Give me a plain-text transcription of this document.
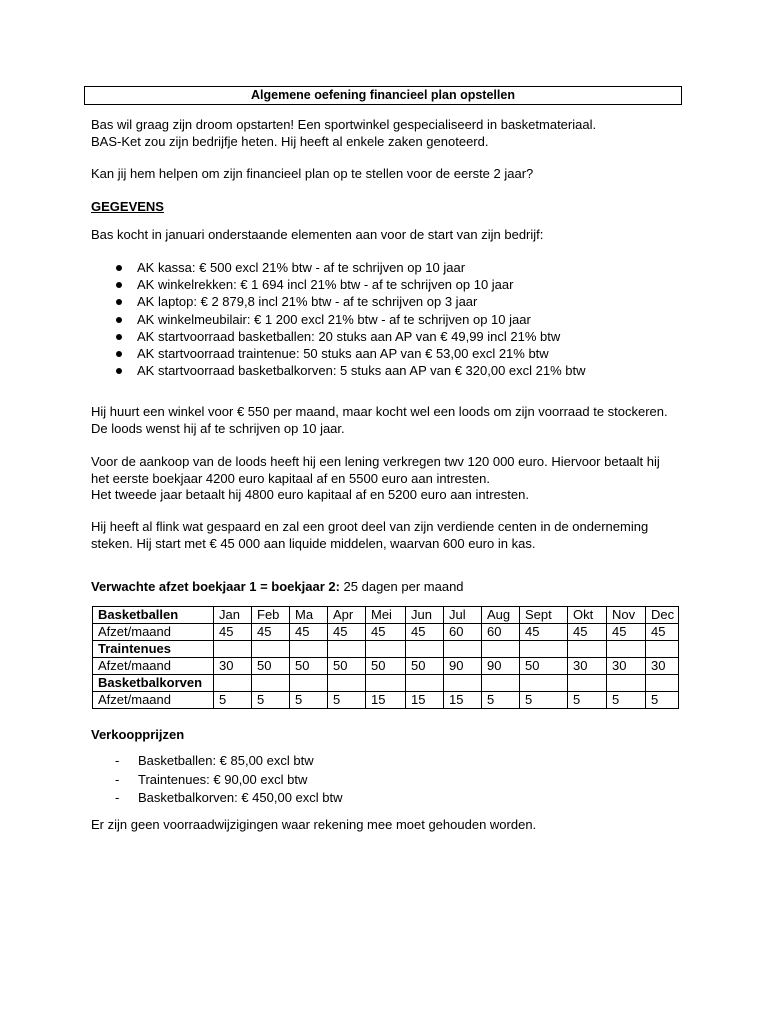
Algemene oefening financieel plan opstellen
Bas wil graag zijn droom opstarten! Een sportwinkel gespecialiseerd in basketmateriaal.
BAS-Ket zou zijn bedrijfje heten. Hij heeft al enkele zaken genoteerd.
Kan jij hem helpen om zijn financieel plan op te stellen voor de eerste 2 jaar?
GEGEVENS
Bas kocht in januari onderstaande elementen aan voor de start van zijn bedrijf:
AK kassa: € 500 excl 21% btw - af te schrijven op 10 jaar
AK winkelrekken: € 1 694 incl 21% btw - af te schrijven op 10 jaar
AK laptop: € 2 879,8 incl 21% btw - af te schrijven op 3 jaar
AK winkelmeubilair: € 1 200 excl 21% btw - af te schrijven op 10 jaar
AK startvoorraad basketballen: 20 stuks aan AP van € 49,99 incl 21% btw
AK startvoorraad traintenue: 50 stuks aan AP van € 53,00 excl 21% btw
AK startvoorraad basketbalkorven: 5 stuks aan AP van € 320,00 excl 21% btw
Hij huurt een winkel voor € 550 per maand, maar kocht wel een loods om zijn voorraad te stockeren.
De loods wenst hij af te schrijven op 10 jaar.
Voor de aankoop van de loods heeft hij een lening verkregen twv 120 000 euro. Hiervoor betaalt hij
het eerste boekjaar 4200 euro kapitaal af en 5500 euro aan intresten.
Het tweede jaar betaalt hij 4800 euro kapitaal af en 5200 euro aan intresten.
Hij heeft al flink wat gespaard en zal een groot deel van zijn verdiende centen in de onderneming
steken. Hij start met € 45 000 aan liquide middelen, waarvan 600 euro in kas.
Verwachte afzet boekjaar 1 = boekjaar 2: 25 dagen per maand
Basketballen	Jan	Feb	Ma	Apr	Mei	Jun	Jul	Aug	Sept	Okt	Nov	Dec
Afzet/maand	45	45	45	45	45	45	60	60	45	45	45	45
Traintenues												
Afzet/maand	30	50	50	50	50	50	90	90	50	30	30	30
Basketbalkorven												
Afzet/maand	5	5	5	5	15	15	15	5	5	5	5	5
Verkoopprijzen
- Basketballen: € 85,00 excl btw
- Traintenues: € 90,00 excl btw
- Basketbalkorven: € 450,00 excl btw
Er zijn geen voorraadwijzigingen waar rekening mee moet gehouden worden.
